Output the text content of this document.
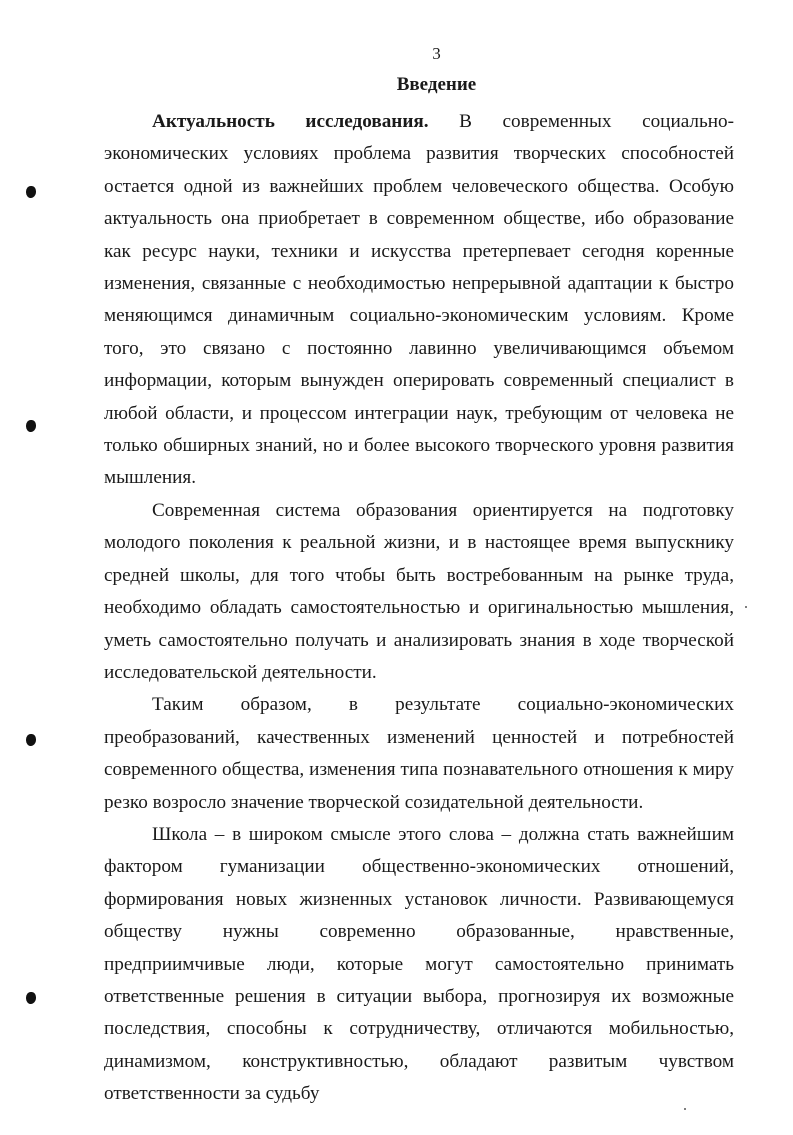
3
Введение

Актуальность исследования. В современных социально-экономических условиях проблема развития творческих способностей остается одной из важнейших проблем человеческого общества. Особую актуальность она приобретает в современном обществе, ибо образование как ресурс науки, техники и искусства претерпевает сегодня коренные изменения, связанные с необходимостью непрерывной адаптации к быстро меняющимся динамичным социально-экономическим условиям. Кроме того, это связано с постоянно лавинно увеличивающимся объемом информации, которым вынужден оперировать современный специалист в любой области, и процессом интеграции наук, требующим от человека не только обширных знаний, но и более высокого творческого уровня развития мышления.

Современная система образования ориентируется на подготовку молодого поколения к реальной жизни, и в настоящее время выпускнику средней школы, для того чтобы быть востребованным на рынке труда, необходимо обладать самостоятельностью и оригинальностью мышления, уметь самостоятельно получать и анализировать знания в ходе творческой исследовательской деятельности.

Таким образом, в результате социально-экономических преобразований, качественных изменений ценностей и потребностей современного общества, изменения типа познавательного отношения к миру резко возросло значение творческой созидательной деятельности.

Школа – в широком смысле этого слова – должна стать важнейшим фактором гуманизации общественно-экономических отношений, формирования новых жизненных установок личности. Развивающемуся обществу нужны современно образованные, нравственные, предприимчивые люди, которые могут самостоятельно принимать ответственные решения в ситуации выбора, прогнозируя их возможные последствия, способны к сотрудничеству, отличаются мобильностью, динамизмом, конструктивностью, обладают развитым чувством ответственности за судьбу
